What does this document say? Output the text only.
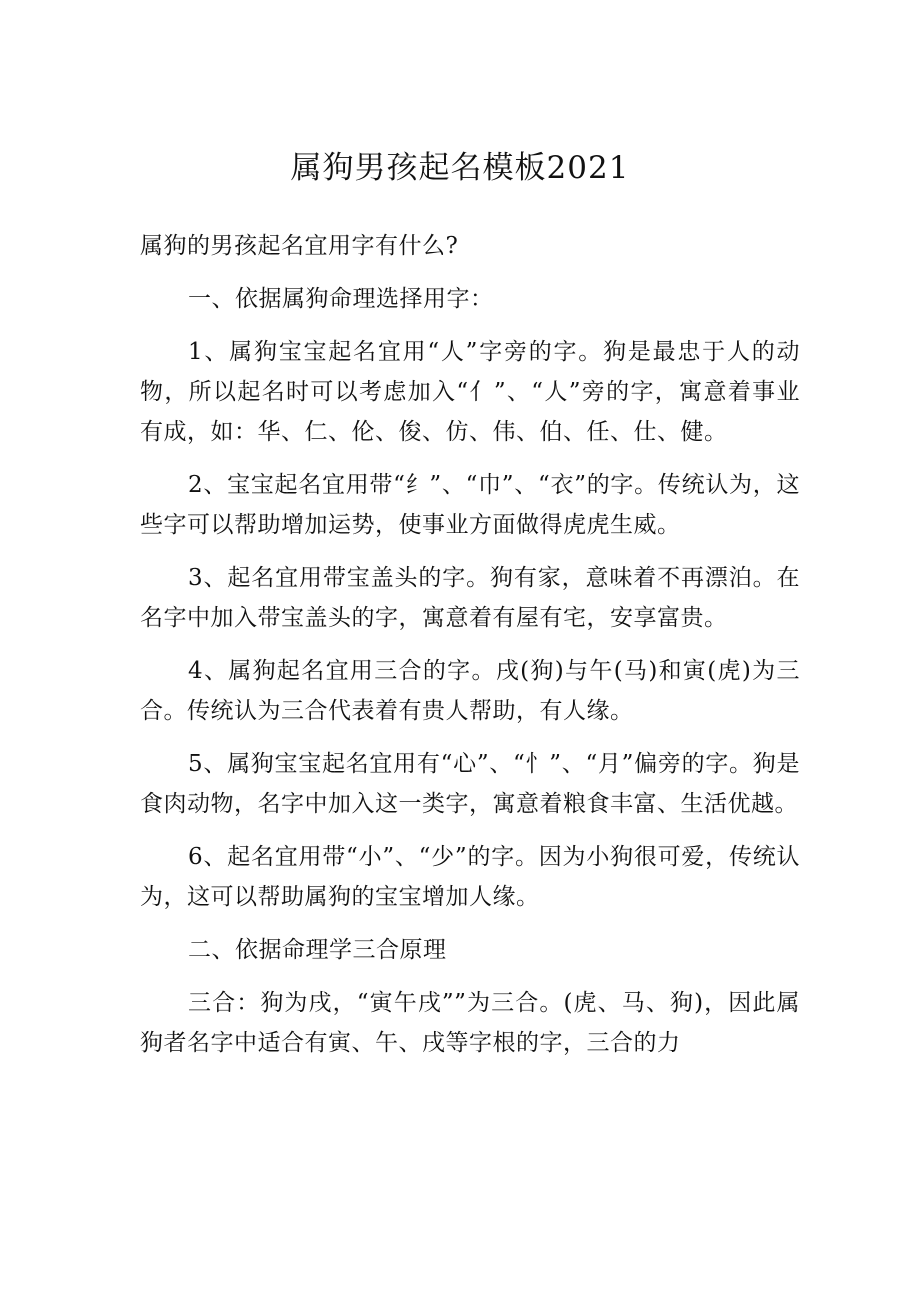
属狗男孩起名模板2021

属狗的男孩起名宜用字有什么?

一、依据属狗命理选择用字：

1、属狗宝宝起名宜用“人”字旁的字。狗是最忠于人的动物，所以起名时可以考虑加入“亻”、“人”旁的字，寓意着事业有成，如：华、仁、伦、俊、仿、伟、伯、任、仕、健。

2、宝宝起名宜用带“纟”、“巾”、“衣”的字。传统认为，这些字可以帮助增加运势，使事业方面做得虎虎生威。

3、起名宜用带宝盖头的字。狗有家，意味着不再漂泊。在名字中加入带宝盖头的字，寓意着有屋有宅，安享富贵。

4、属狗起名宜用三合的字。戌(狗)与午(马)和寅(虎)为三合。传统认为三合代表着有贵人帮助，有人缘。

5、属狗宝宝起名宜用有“心”、“忄”、“月”偏旁的字。狗是食肉动物，名字中加入这一类字，寓意着粮食丰富、生活优越。

6、起名宜用带“小”、“少”的字。因为小狗很可爱，传统认为，这可以帮助属狗的宝宝增加人缘。

二、依据命理学三合原理

三合：狗为戌，“寅午戌””为三合。(虎、马、狗)，因此属狗者名字中适合有寅、午、戌等字根的字，三合的力
